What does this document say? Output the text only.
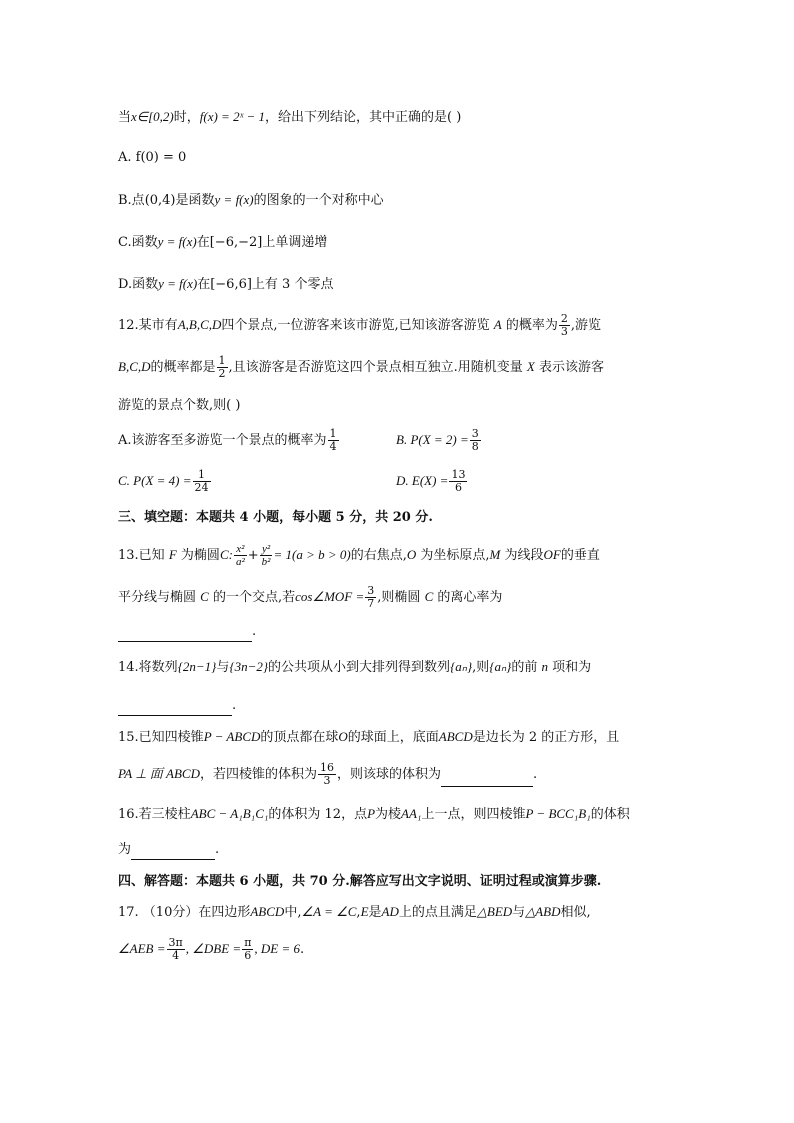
当x∈[0,2)时，f(x) = 2ˣ − 1，给出下列结论，其中正确的是( )
A. f(0) = 0
B.点(0,4)是函数y = f(x)的图象的一个对称中心
C.函数y = f(x)在[−6,−2]上单调递增
D.函数y = f(x)在[−6,6]上有 3 个零点
12.某市有A,B,C,D四个景点,一位游客来该市游览,已知该游客游览 A 的概率为 $\frac{2}{3}$ ,游览
B,C,D的概率都是 $\frac{1}{2}$ ,且该游客是否游览这四个景点相互独立.用随机变量 X 表示该游客
游览的景点个数,则( )
A.该游客至多游览一个景点的概率为 $\frac{1}{4}$	B. $P(X = 2) = \frac{3}{8}$
C. $P(X = 4) = \frac{1}{24}$	D. $E(X) = \frac{13}{6}$
三、填空题：本题共 4 小题，每小题 5 分，共 20 分.
13.已知 F 为椭圆C: $\frac{\text{x²}}{\text{a²}} + \frac{\text{y²}}{\text{b²}} = 1(a > b > 0)$的右焦点,O 为坐标原点,M 为线段OF的垂直
平分线与椭圆 C 的一个交点,若cos∠MOF = $\frac{3}{7}$ ,则椭圆 C 的离心率为
.
14.将数列{2n−1}与{3n−2}的公共项从小到大排列得到数列{aₙ},则{aₙ}的前 n 项和为
.
15.已知四棱锥P − ABCD的顶点都在球O的球面上，底面ABCD是边长为 2 的正方形，且
PA ⊥ 面 ABCD，若四棱锥的体积为 $\frac{16}{3}$ ，则该球的体积为	.
16.若三棱柱ABC − A₁B₁C₁的体积为 12，点P为棱AA₁上一点，则四棱锥P − BCC₁B₁的体积
为	.
四、解答题：本题共 6 小题，共 70 分.解答应写出文字说明、证明过程或演算步骤.
17. （10分）在四边形ABCD中,∠A = ∠C,E是AD上的点且满足△BED与△ABD相似,
∠AEB = $\frac{3\pi}{4}$ , ∠DBE = $\frac{\pi}{6}$ , DE = 6.
